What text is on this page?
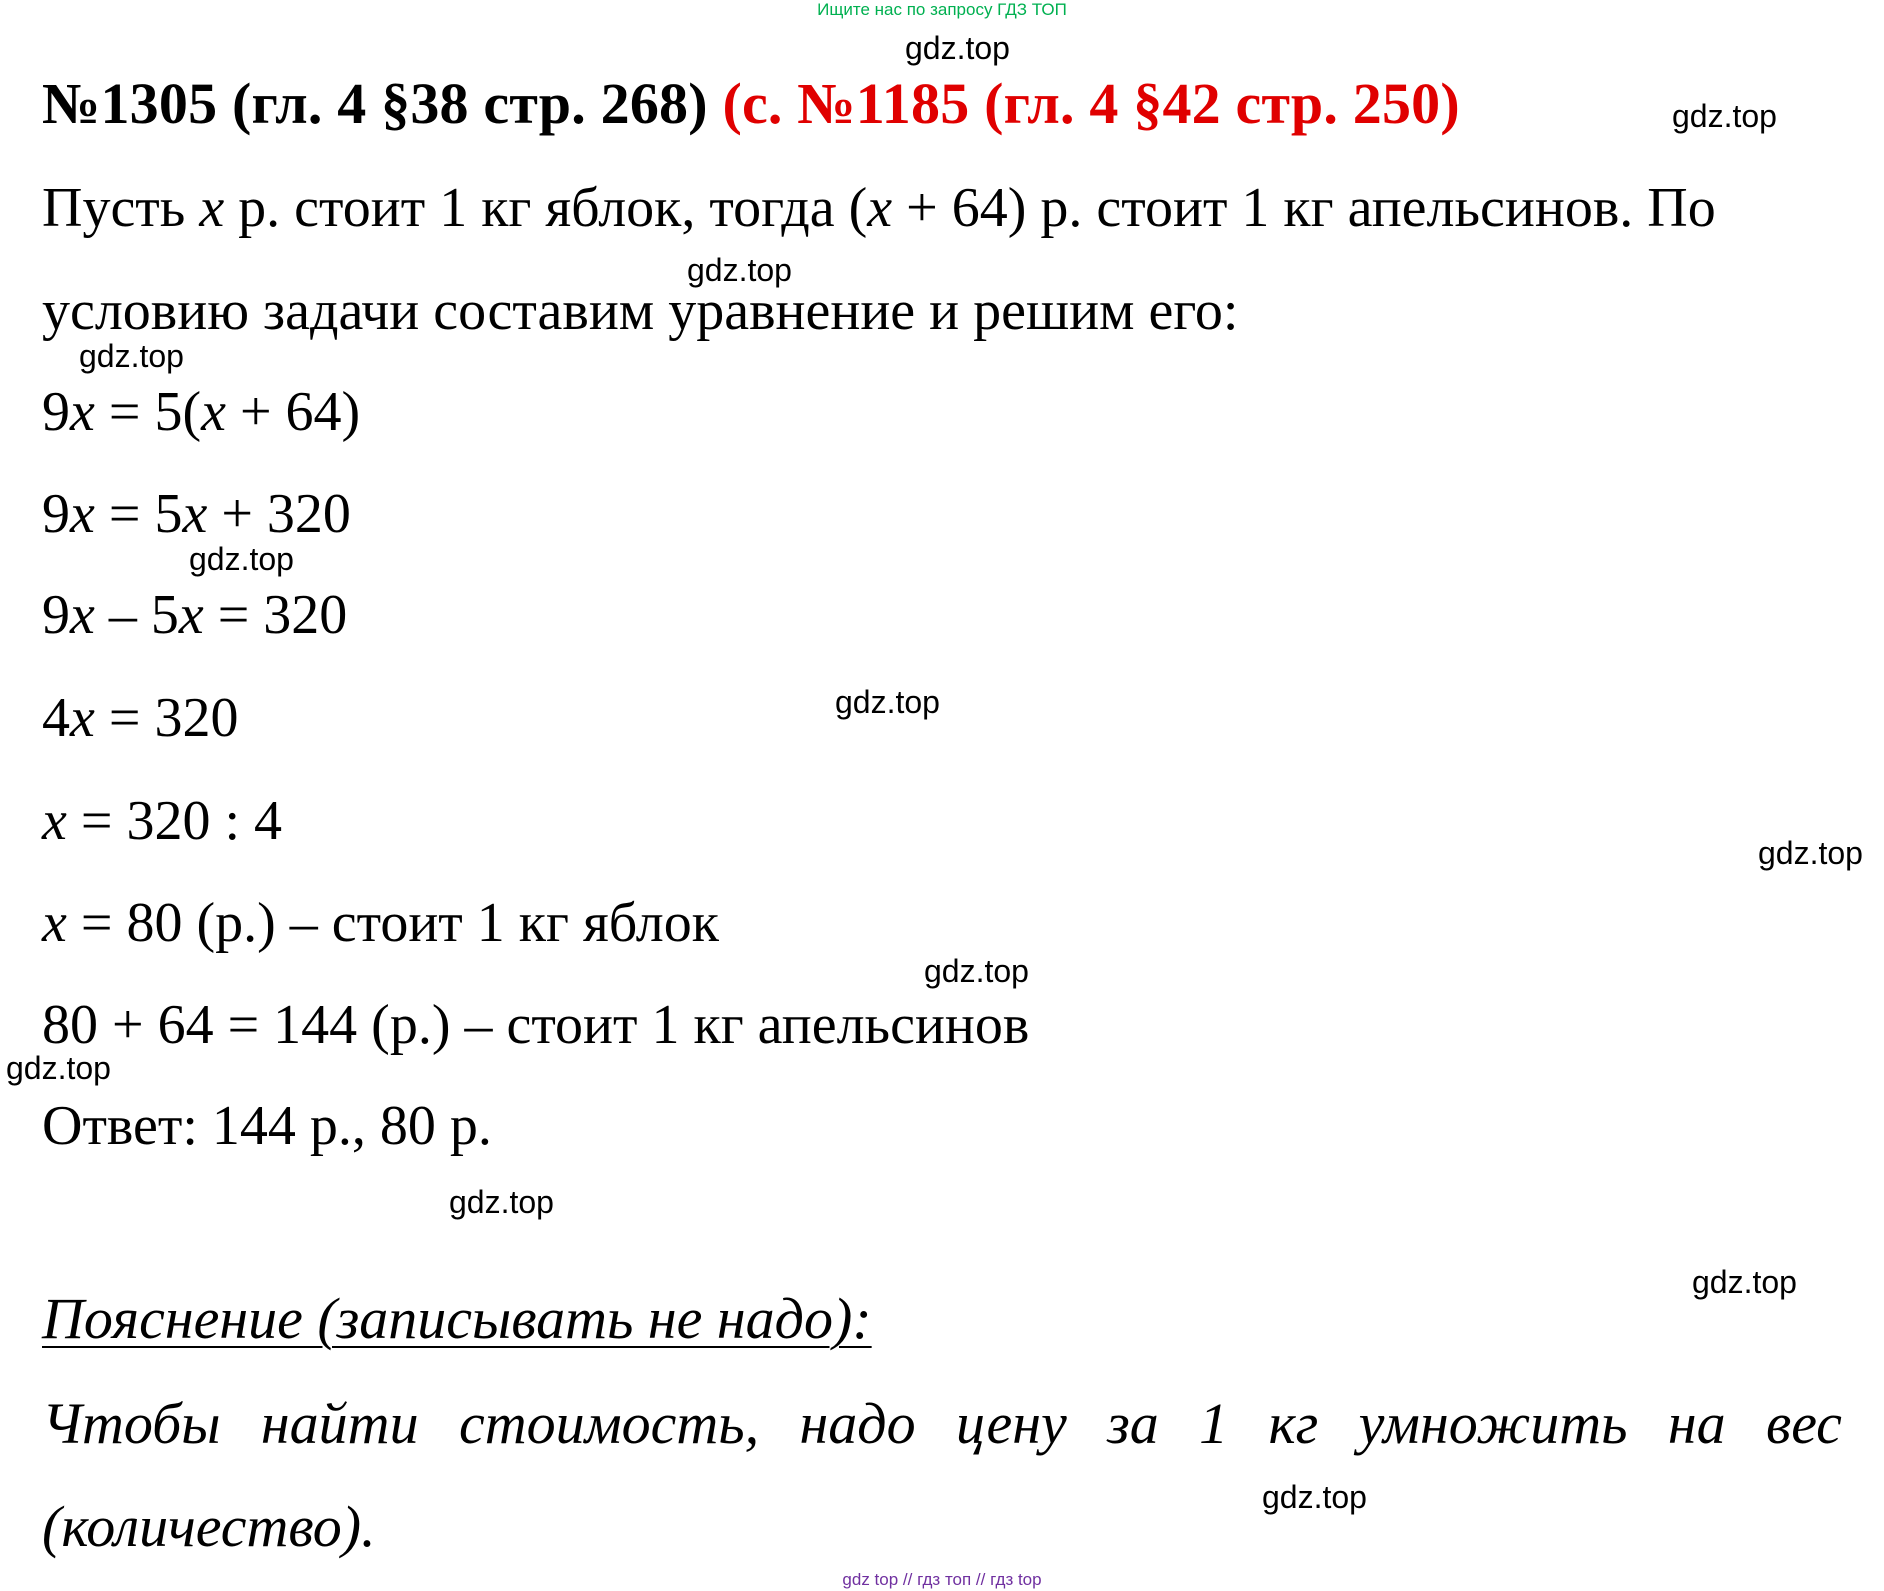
Ищите нас по запросу ГДЗ ТОП
gdz.top
gdz.top
gdz.top
gdz.top
gdz.top
gdz.top
gdz.top
gdz.top
gdz.top
gdz.top
gdz.top
gdz.top
№1305 (гл. 4 §38 стр. 268) (с. №1185 (гл. 4 §42 стр. 250)
Пусть x р. стоит 1 кг яблок, тогда (x + 64) р. стоит 1 кг апельсинов. По
условию задачи составим уравнение и решим его:
9x = 5(x + 64)
9x = 5x + 320
9x – 5x = 320
4x = 320
x = 320 : 4
x = 80 (р.) – стоит 1 кг яблок
80 + 64 = 144 (р.) – стоит 1 кг апельсинов
Ответ: 144 р., 80 р.
Пояснение (записывать не надо):
Чтобы найти стоимость, надо цену за 1 кг умножить на вес
(количество).
gdz top // гдз топ // гдз top
